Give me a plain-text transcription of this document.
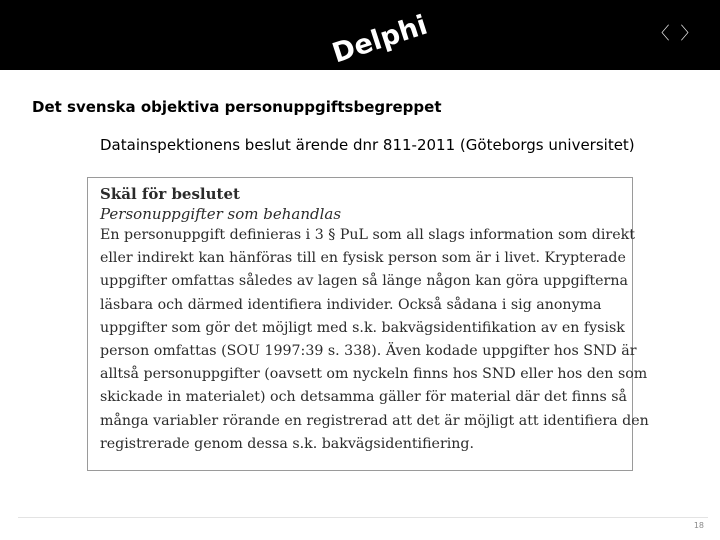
Delphi	〈 〉
Det svenska objektiva personuppgiftsbegreppet
Datainspektionens beslut ärende dnr 811-2011 (Göteborgs universitet)
Skäl för beslutet
Personuppgifter som behandlas
En personuppgift definieras i 3 § PuL som all slags information som direkt
eller indirekt kan hänföras till en fysisk person som är i livet. Krypterade
uppgifter omfattas således av lagen så länge någon kan göra uppgifterna
läsbara och därmed identifiera individer. Också sådana i sig anonyma
uppgifter som gör det möjligt med s.k. bakvägsidentifikation av en fysisk
person omfattas (SOU 1997:39 s. 338). Även kodade uppgifter hos SND är
alltså personuppgifter (oavsett om nyckeln finns hos SND eller hos den som
skickade in materialet) och detsamma gäller för material där det finns så
många variabler rörande en registrerad att det är möjligt att identifiera den
registrerade genom dessa s.k. bakvägsidentifiering.
18
